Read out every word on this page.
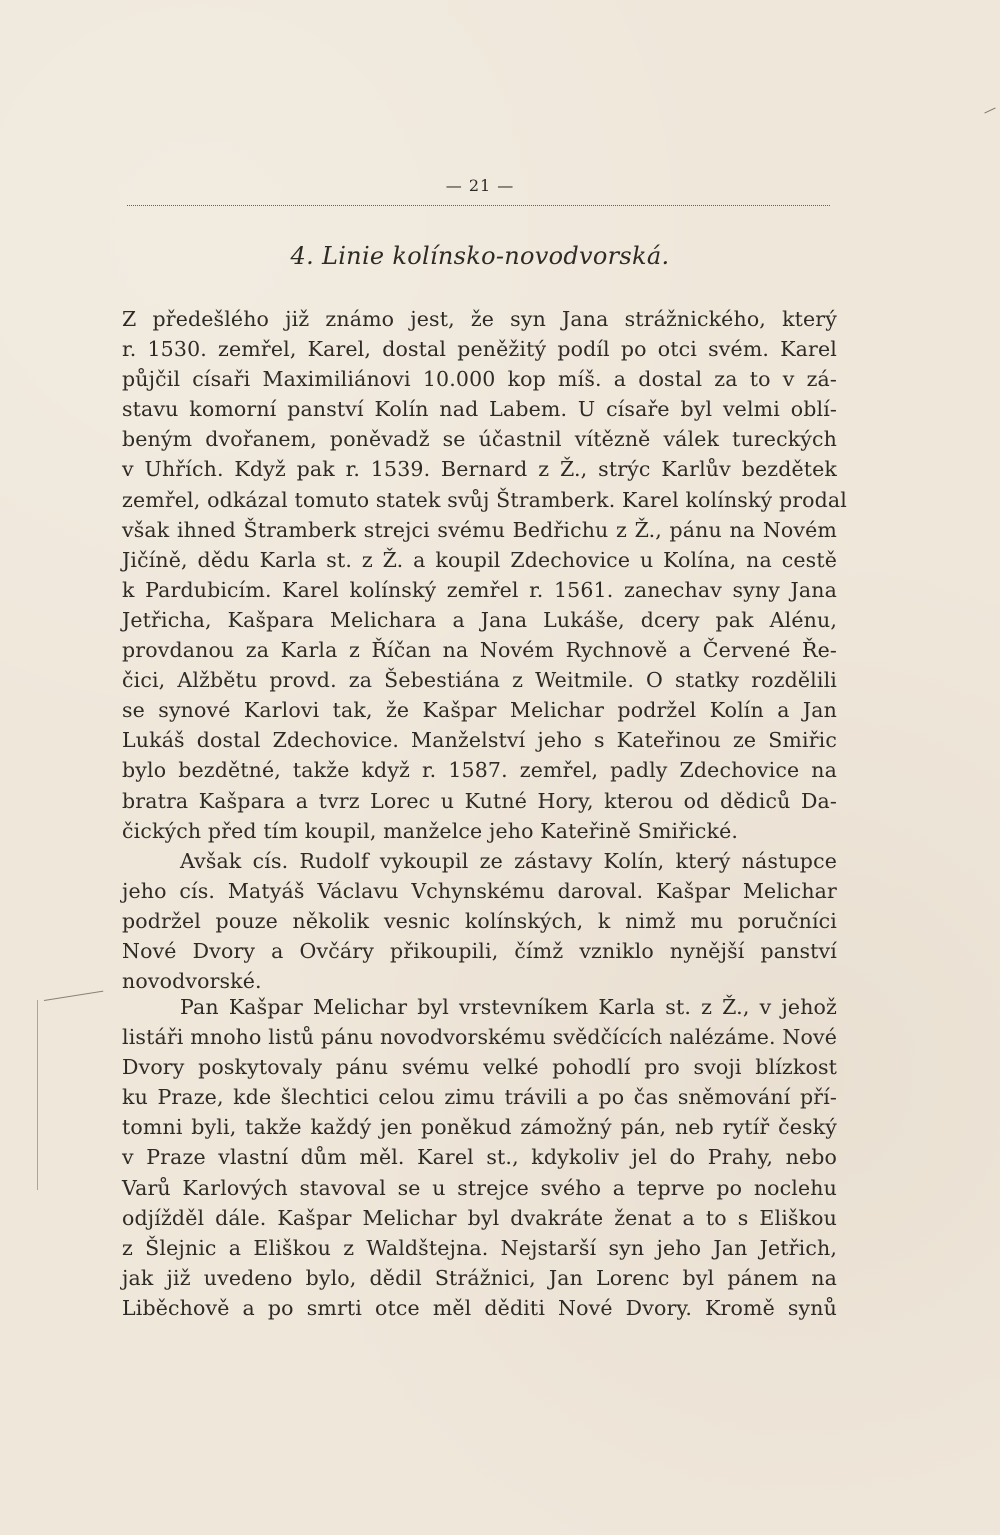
— 21 —
4. Linie kolínsko-novodvorská.
Z předešlého již známo jest, že syn Jana strážnického, který
r. 1530. zemřel, Karel, dostal peněžitý podíl po otci svém. Karel
půjčil císaři Maximiliánovi 10.000 kop míš. a dostal za to v zá-
stavu komorní panství Kolín nad Labem. U císaře byl velmi oblí-
beným dvořanem, poněvadž se účastnil vítězně válek tureckých
v Uhřích. Když pak r. 1539. Bernard z Ž., strýc Karlův bezdětek
zemřel, odkázal tomuto statek svůj Štramberk. Karel kolínský prodal
však ihned Štramberk strejci svému Bedřichu z Ž., pánu na Novém
Jičíně, dědu Karla st. z Ž. a koupil Zdechovice u Kolína, na cestě
k Pardubicím. Karel kolínský zemřel r. 1561. zanechav syny Jana
Jetřicha, Kašpara Melichara a Jana Lukáše, dcery pak Alénu,
provdanou za Karla z Říčan na Novém Rychnově a Červené Ře-
čici, Alžbětu provd. za Šebestiána z Weitmile. O statky rozdělili
se synové Karlovi tak, že Kašpar Melichar podržel Kolín a Jan
Lukáš dostal Zdechovice. Manželství jeho s Kateřinou ze Smiřic
bylo bezdětné, takže když r. 1587. zemřel, padly Zdechovice na
bratra Kašpara a tvrz Lorec u Kutné Hory, kterou od dědiců Da-
čických před tím koupil, manželce jeho Kateřině Smiřické.
Avšak cís. Rudolf vykoupil ze zástavy Kolín, který nástupce
jeho cís. Matyáš Václavu Vchynskému daroval. Kašpar Melichar
podržel pouze několik vesnic kolínských, k nimž mu poručníci
Nové Dvory a Ovčáry přikoupili, čímž vzniklo nynější panství
novodvorské.
Pan Kašpar Melichar byl vrstevníkem Karla st. z Ž., v jehož
listáři mnoho listů pánu novodvorskému svědčících nalézáme. Nové
Dvory poskytovaly pánu svému velké pohodlí pro svoji blízkost
ku Praze, kde šlechtici celou zimu trávili a po čas sněmování pří-
tomni byli, takže každý jen poněkud zámožný pán, neb rytíř český
v Praze vlastní dům měl. Karel st., kdykoliv jel do Prahy, nebo
Varů Karlových stavoval se u strejce svého a teprve po noclehu
odjížděl dále. Kašpar Melichar byl dvakráte ženat a to s Eliškou
z Šlejnic a Eliškou z Waldštejna. Nejstarší syn jeho Jan Jetřich,
jak již uvedeno bylo, dědil Strážnici, Jan Lorenc byl pánem na
Liběchově a po smrti otce měl děditi Nové Dvory. Kromě synů
